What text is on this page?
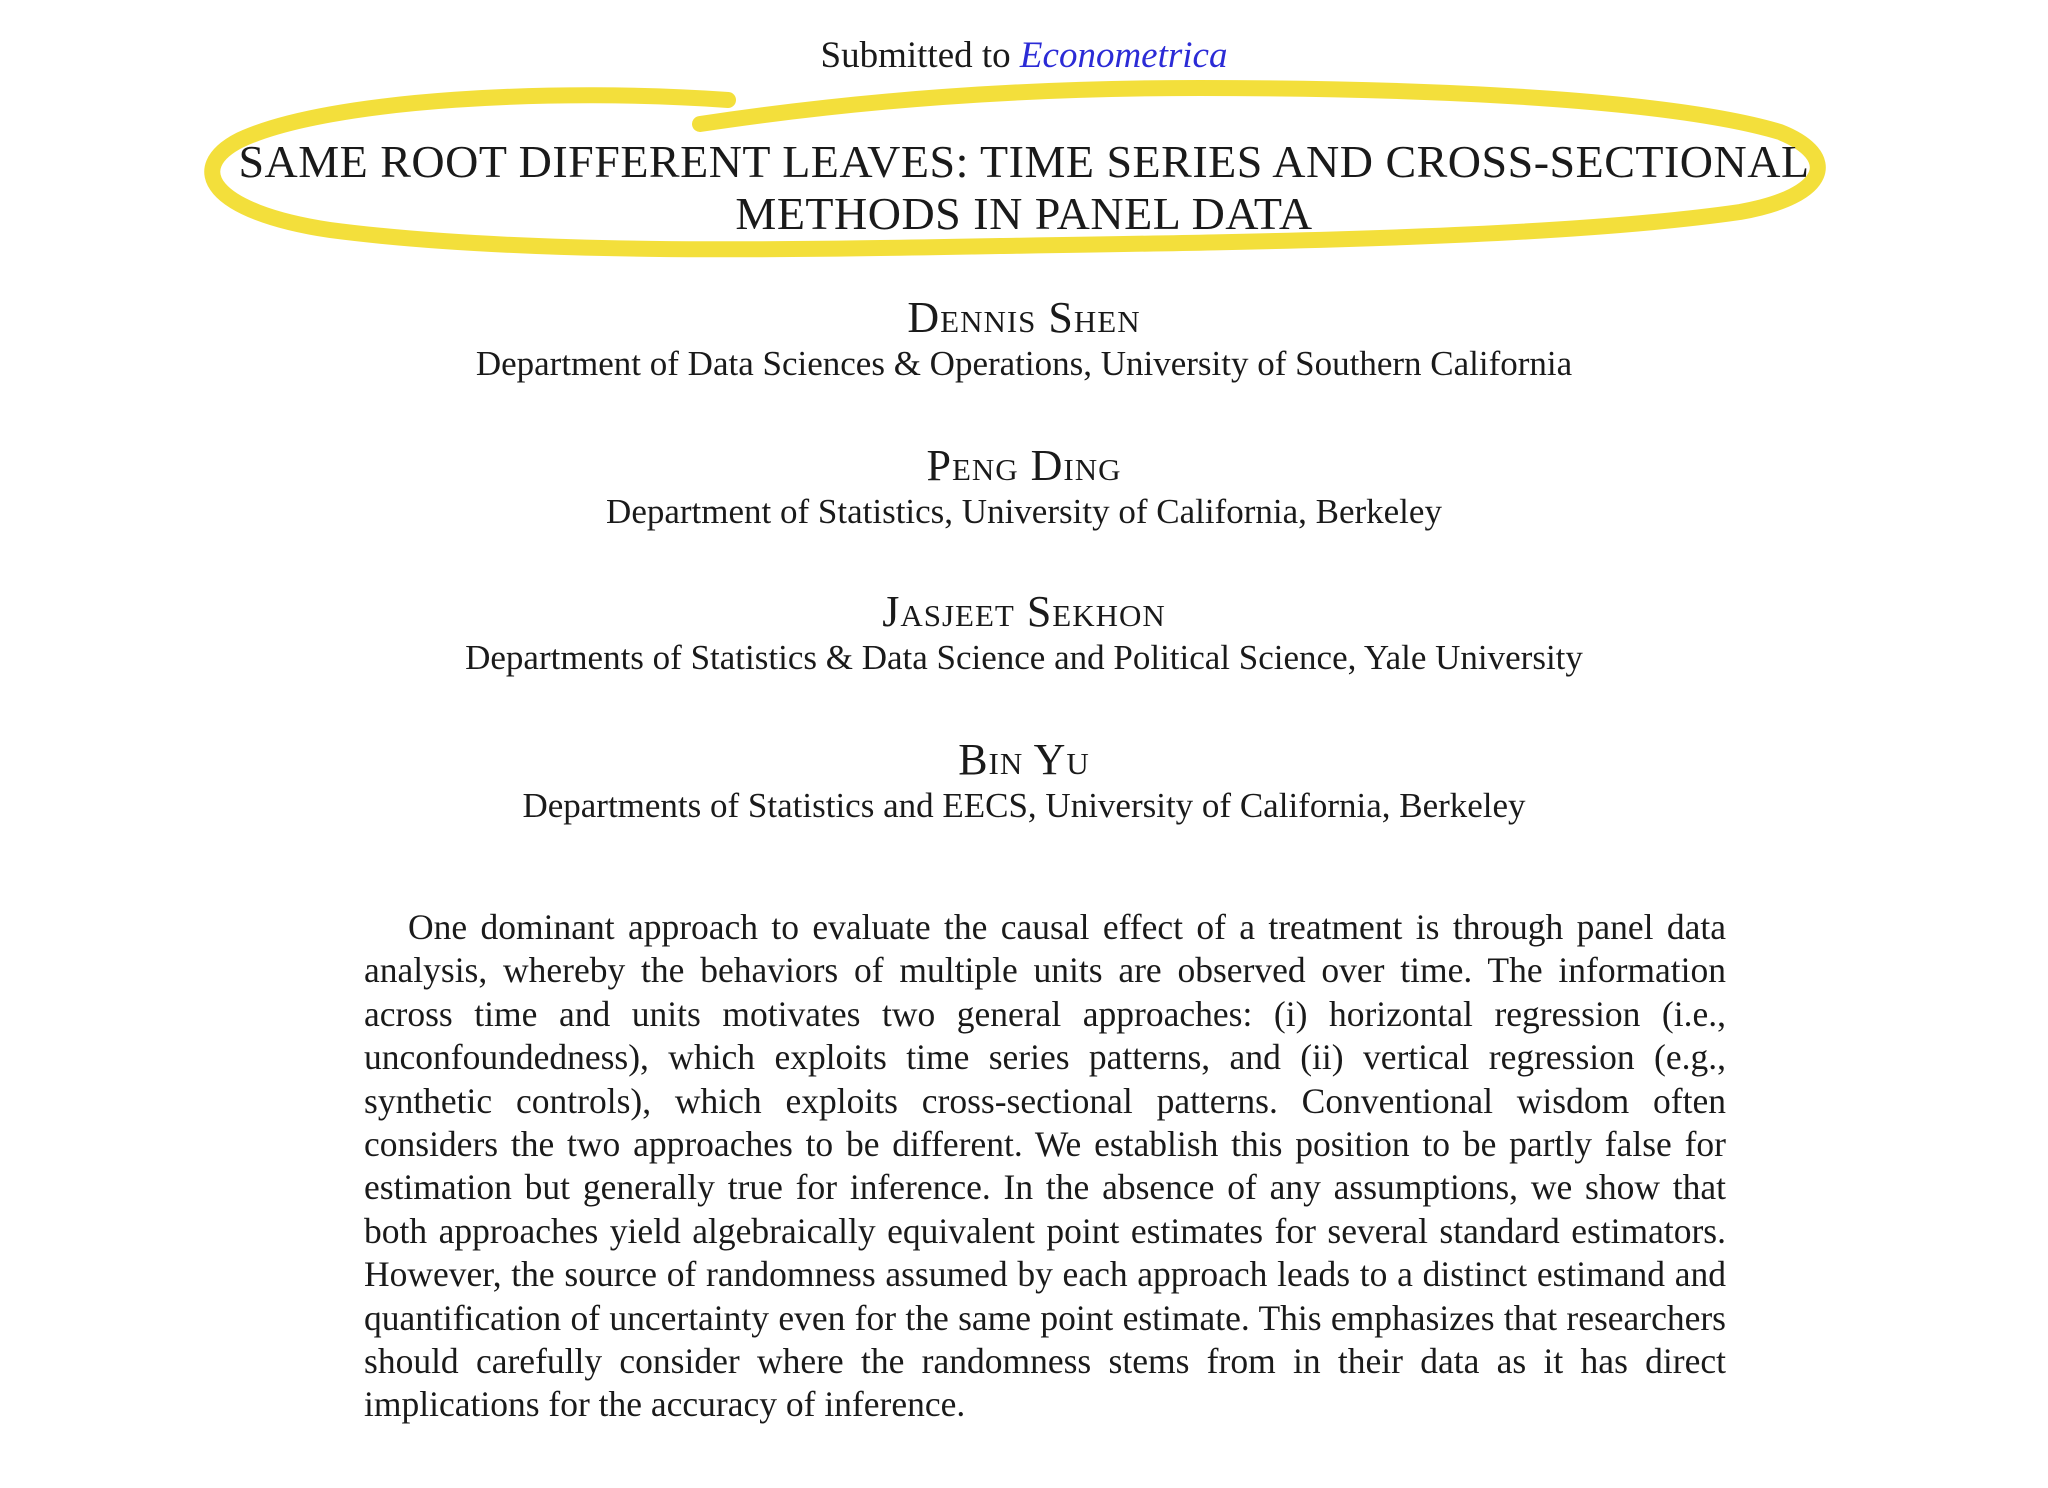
Submitted to Econometrica
SAME ROOT DIFFERENT LEAVES: TIME SERIES AND CROSS-SECTIONAL
METHODS IN PANEL DATA
Dennis Shen
Department of Data Sciences & Operations, University of Southern California
Peng Ding
Department of Statistics, University of California, Berkeley
Jasjeet Sekhon
Departments of Statistics & Data Science and Political Science, Yale University
Bin Yu
Departments of Statistics and EECS, University of California, Berkeley
One dominant approach to evaluate the causal effect of a treatment is through panel data analysis, whereby the behaviors of multiple units are observed over time. The information across time and units motivates two general approaches: (i) horizontal regression (i.e., unconfoundedness), which exploits time series patterns, and (ii) vertical regression (e.g., synthetic controls), which exploits cross-sectional patterns. Conventional wisdom often considers the two approaches to be different. We establish this position to be partly false for estimation but generally true for inference. In the absence of any assumptions, we show that both approaches yield algebraically equivalent point estimates for several standard estimators. However, the source of randomness assumed by each approach leads to a distinct estimand and quantification of uncertainty even for the same point estimate. This emphasizes that researchers should carefully consider where the randomness stems from in their data as it has direct implications for the accuracy of inference.
